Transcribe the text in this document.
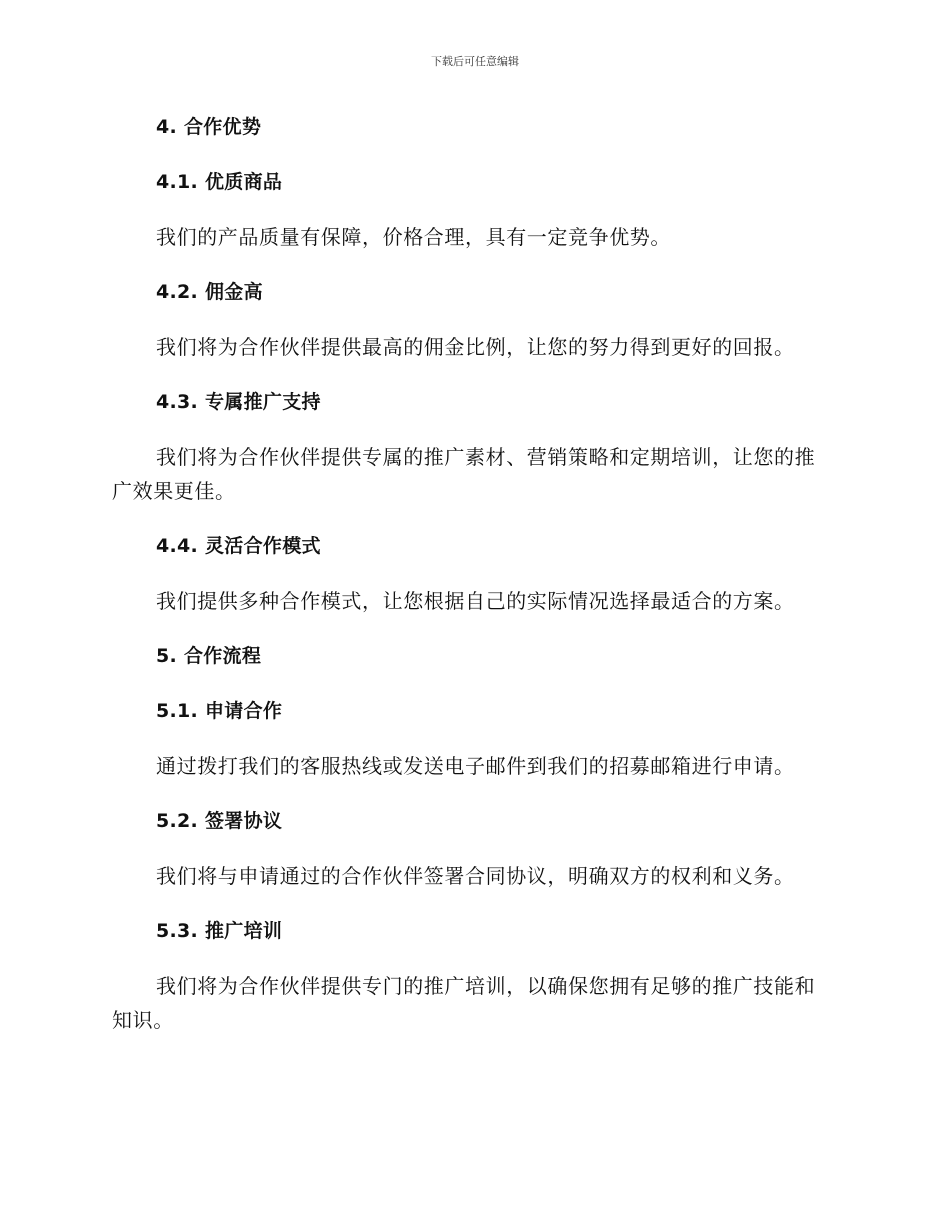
下载后可任意编辑
4. 合作优势
4.1. 优质商品
我们的产品质量有保障，价格合理，具有一定竞争优势。
4.2. 佣金高
我们将为合作伙伴提供最高的佣金比例，让您的努力得到更好的回报。
4.3. 专属推广支持
我们将为合作伙伴提供专属的推广素材、营销策略和定期培训，让您的推广效果更佳。
4.4. 灵活合作模式
我们提供多种合作模式，让您根据自己的实际情况选择最适合的方案。
5. 合作流程
5.1. 申请合作
通过拨打我们的客服热线或发送电子邮件到我们的招募邮箱进行申请。
5.2. 签署协议
我们将与申请通过的合作伙伴签署合同协议，明确双方的权利和义务。
5.3. 推广培训
我们将为合作伙伴提供专门的推广培训，以确保您拥有足够的推广技能和知识。
